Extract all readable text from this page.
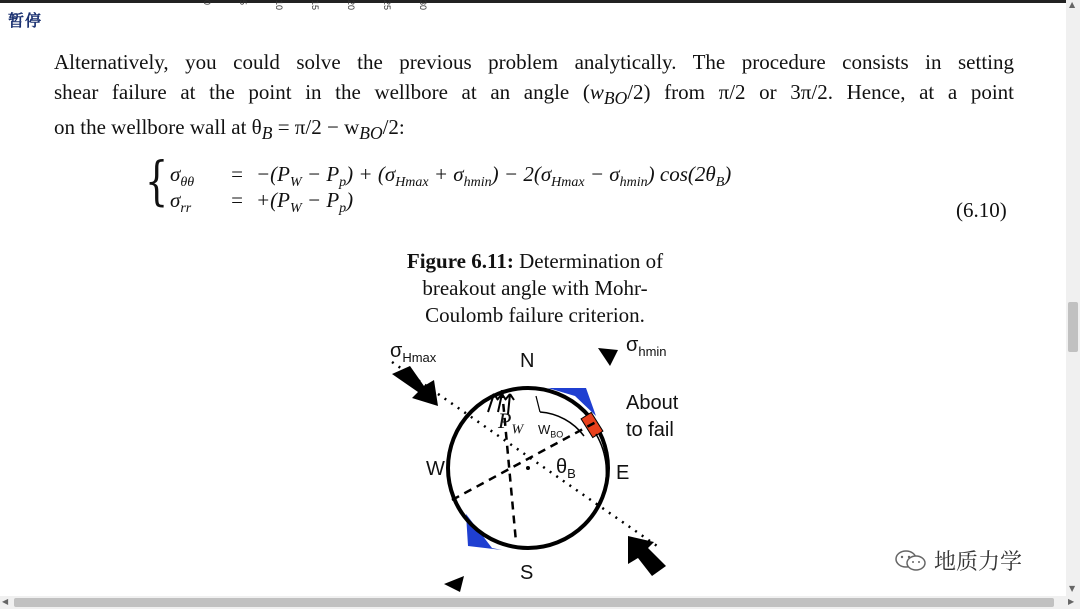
0	5	10	15	20	25	30
暂停
Alternatively, you could solve the previous problem analytically. The procedure consists in setting
shear failure at the point in the wellbore at an angle $(w_{BO}/2)$ from π/2 or 3π/2. Hence, at a point
on the wellbore wall at $\theta_B = \pi/2 - w_{BO}/2$:
{ $\sigma_{\theta\theta} = -(P_W - P_p) + (\sigma_{Hmax} + \sigma_{hmin}) - 2(\sigma_{Hmax} - \sigma_{hmin})$ $\cos(2\theta_B)$
$\sigma_{rr} = +(P_W - P_p)$	(6.10)
Figure 6.11: Determination of
breakout angle with Mohr-
Coulomb failure criterion.
$\sigma_{Hmax}$
$\sigma_{hmin}$
N
S
E
W
$P_W$ $W_{BO}$
$\theta_B$
About
to fail
地质力学
▲
▼
◀	▶
